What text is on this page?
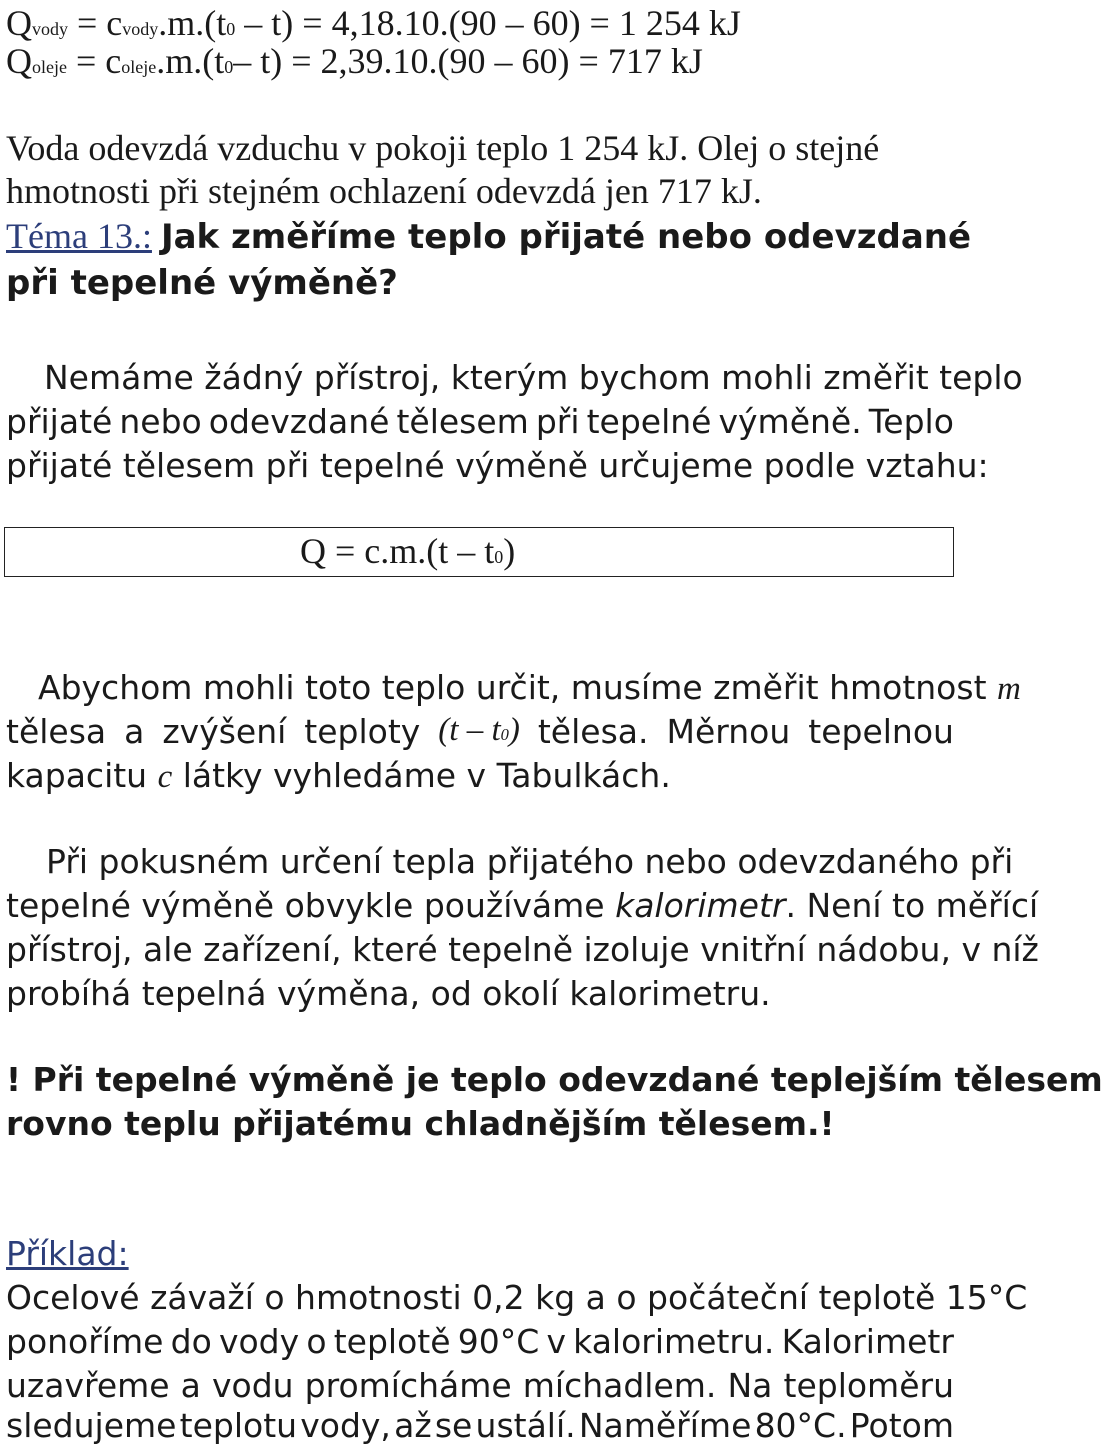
Qvody = cvody.m.(t0 – t) = 4,18.10.(90 – 60) = 1 254 kJ
Qoleje = coleje.m.(t0– t) = 2,39.10.(90 – 60) = 717 kJ
Voda odevzdá vzduchu v pokoji teplo 1 254 kJ. Olej o stejné
hmotnosti při stejném ochlazení odevzdá jen 717 kJ.
Téma 13.: Jak změříme teplo přijaté nebo odevzdané
při tepelné výměně?
Nemáme žádný přístroj, kterým bychom mohli změřit teplo
přijaté nebo odevzdané tělesem při tepelné výměně. Teplo
přijaté tělesem při tepelné výměně určujeme podle vztahu:
Q = c.m.(t – t0)
Abychom mohli toto teplo určit, musíme změřit hmotnost m
tělesa a zvýšení teploty (t – t0) tělesa. Měrnou tepelnou
kapacitu c látky vyhledáme v Tabulkách.
Při pokusném určení tepla přijatého nebo odevzdaného při
tepelné výměně obvykle používáme kalorimetr. Není to měřící
přístroj, ale zařízení, které tepelně izoluje vnitřní nádobu, v níž
probíhá tepelná výměna, od okolí kalorimetru.
! Při tepelné výměně je teplo odevzdané teplejším tělesem
rovno teplu přijatému chladnějším tělesem.!
Příklad:
Ocelové závaží o hmotnosti 0,2 kg a o počáteční teplotě 15°C
ponoříme do vody o teplotě 90°C v kalorimetru. Kalorimetr
uzavřeme a vodu promícháme míchadlem. Na teploměru
sledujeme teplotu vody, až se ustálí. Naměříme 80°C. Potom
